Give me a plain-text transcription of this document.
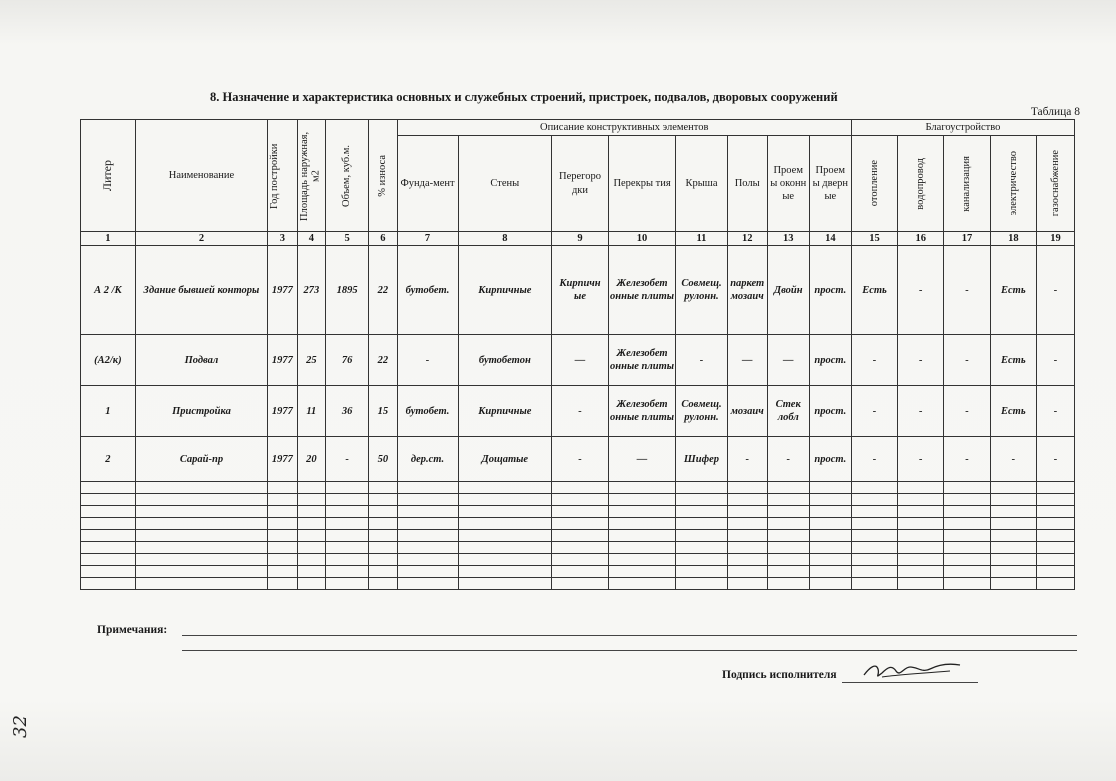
8. Назначение и характеристика основных и служебных строений, пристроек, подвалов, дворовых сооружений
Таблица 8
Литер	Наименование	Год постройки	Площадь наружная, м2	Объем, куб.м.	% износа	Описание конструктивных элементов								Благоустройство				
						Фунда-мент	Стены	Перегоро дки	Перекры тия	Крыша	Полы	Проем ы оконн ые	Проем ы дверн ые	отопление	водопровод	канализация	электричество	газоснабжение

1	2	3	4	5	6	7	8	9	10	11	12	13	14	15	16	17	18	19
А 2 /К	Здание бывшей конторы	1977	273	1895	22	бутобет.	Кирпичные	Кирпичн ые	Железобет онные плиты	Совмещ. рулонн.	паркет мозаич	Двойн	прост.	Есть	-	-	Есть	-
(А2/к)	Подвал	1977	25	76	22	-	бутобетон	—	Железобет онные плиты	-	—	—	прост.	-	-	-	Есть	-
1	Пристройка	1977	11	36	15	бутобет.	Кирпичные	-	Железобет онные плиты	Совмещ. рулонн.	мозаич	Стек лобл	прост.	-	-	-	Есть	-
2	Сарай-пр	1977	20	-	50	дер.ст.	Дощатые	-	—	Шифер	-	-	прост.	-	-	-	-	-

Примечания:
Подпись исполнителя
32
